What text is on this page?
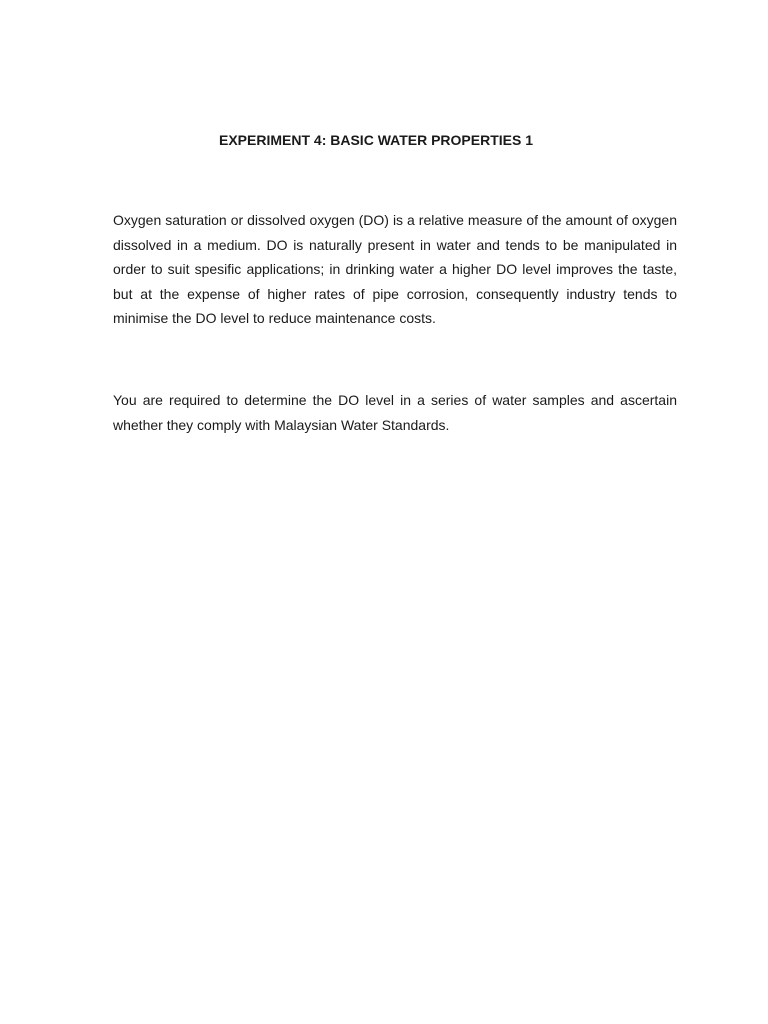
EXPERIMENT 4: BASIC WATER PROPERTIES 1

Oxygen saturation or dissolved oxygen (DO) is a relative measure of the amount of oxygen dissolved in a medium. DO is naturally present in water and tends to be manipulated in order to suit spesific applications; in drinking water a higher DO level improves the taste, but at the expense of higher rates of pipe corrosion, consequently industry tends to minimise the DO level to reduce maintenance costs.

You are required to determine the DO level in a series of water samples and ascertain whether they comply with Malaysian Water Standards.
